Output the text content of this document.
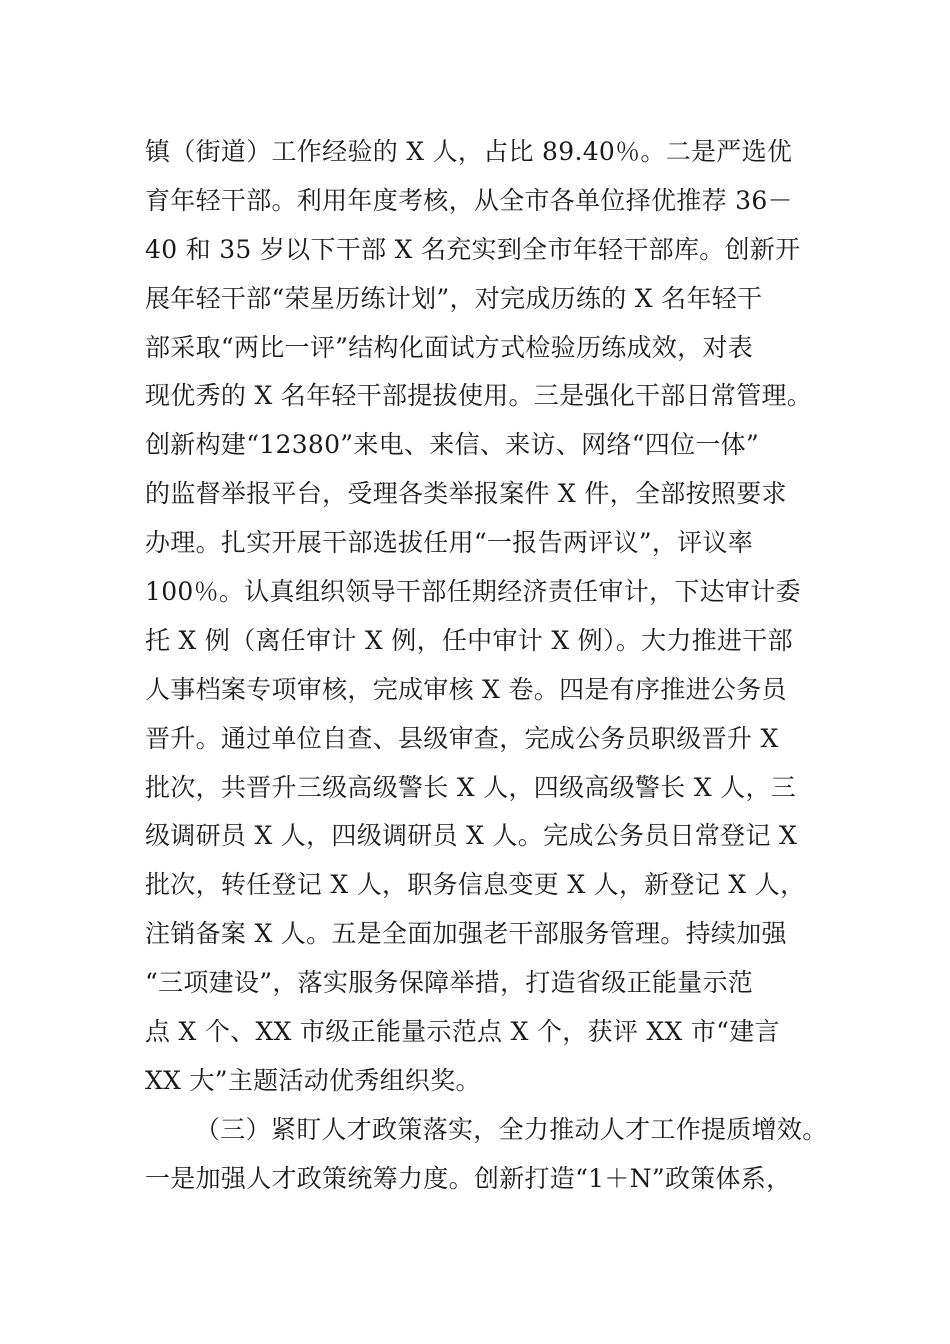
镇（街道）工作经验的 X 人，占比 89.40％。二是严选优
育年轻干部。利用年度考核，从全市各单位择优推荐 36－
40 和 35 岁以下干部 X 名充实到全市年轻干部库。创新开
展年轻干部“荣星历练计划”，对完成历练的 X 名年轻干
部采取“两比一评”结构化面试方式检验历练成效，对表
现优秀的 X 名年轻干部提拔使用。三是强化干部日常管理。
创新构建“12380”来电、来信、来访、网络“四位一体”
的监督举报平台，受理各类举报案件 X 件，全部按照要求
办理。扎实开展干部选拔任用“一报告两评议”，评议率
100％。认真组织领导干部任期经济责任审计，下达审计委
托 X 例（离任审计 X 例，任中审计 X 例）。大力推进干部
人事档案专项审核，完成审核 X 卷。四是有序推进公务员
晋升。通过单位自查、县级审查，完成公务员职级晋升 X
批次，共晋升三级高级警长 X 人，四级高级警长 X 人，三
级调研员 X 人，四级调研员 X 人。完成公务员日常登记 X
批次，转任登记 X 人，职务信息变更 X 人，新登记 X 人，
注销备案 X 人。五是全面加强老干部服务管理。持续加强
“三项建设”，落实服务保障举措，打造省级正能量示范
点 X 个、XX 市级正能量示范点 X 个，获评 XX 市“建言
XX 大”主题活动优秀组织奖。
（三）紧盯人才政策落实，全力推动人才工作提质增效。
一是加强人才政策统筹力度。创新打造“1＋N”政策体系，
